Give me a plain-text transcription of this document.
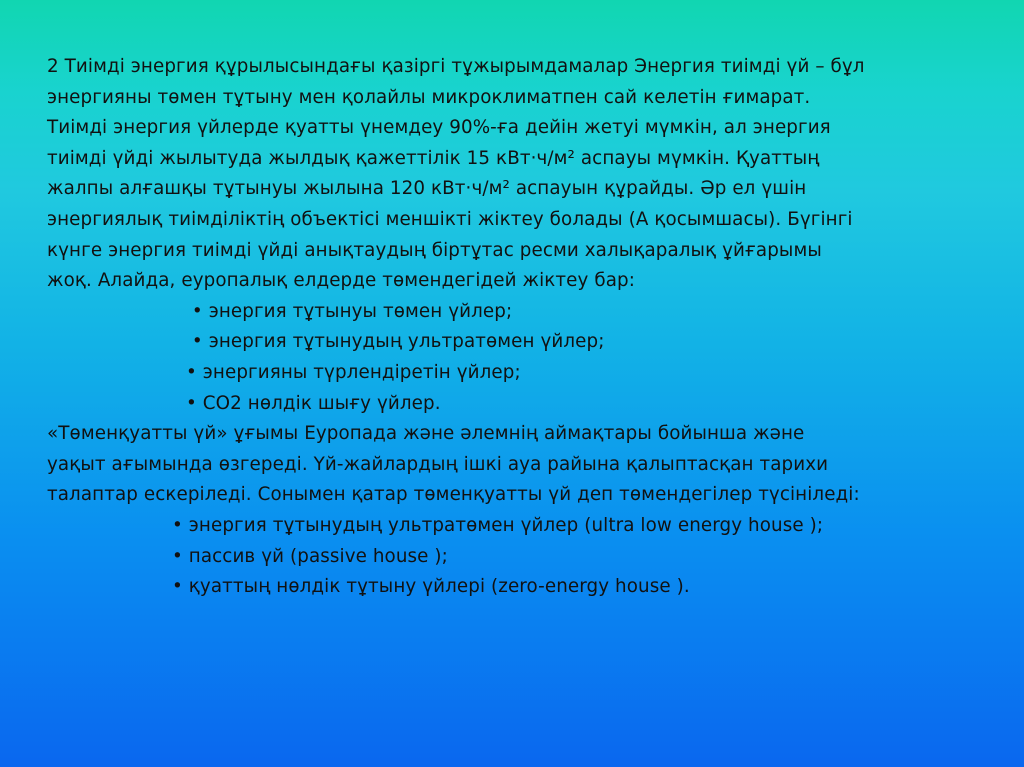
2 Тиімді энергия құрылысындағы қазіргі тұжырымдамалар Энергия тиімді үй – бұл
энергияны төмен тұтыну мен қолайлы микроклиматпен сай келетін ғимарат.
Тиімді энергия үйлерде қуатты үнемдеу 90%-ға дейін жетуі мүмкін, ал энергия
тиімді үйді жылытуда жылдық қажеттілік 15 кВт·ч/м² аспауы мүмкін. Қуаттың
жалпы алғашқы тұтынуы жылына 120 кВт·ч/м² аспауын құрайды. Әр ел үшін
энергиялық тиімділіктің объектісі меншікті жіктеу болады (А қосымшасы). Бүгінгі
күнге энергия тиімді үйді анықтаудың біртұтас ресми халықаралық ұйғарымы
жоқ. Алайда, еуропалық елдерде төмендегідей жіктеу бар:
• энергия тұтынуы төмен үйлер;
• энергия тұтынудың ультратөмен үйлер;
• энергияны түрлендіретін үйлер;
• CO2 нөлдік шығу үйлер.
«Төменқуатты үй» ұғымы Еуропада және әлемнің аймақтары бойынша және
уақыт ағымында өзгереді. Үй-жайлардың ішкі ауа райына қалыптасқан тарихи
талаптар ескеріледі. Сонымен қатар төменқуатты үй деп төмендегілер түсініледі:
• энергия тұтынудың ультратөмен үйлер (ultra low energy house );
• пассив үй (passive house );
• қуаттың нөлдік тұтыну үйлері (zero-energy house ).
